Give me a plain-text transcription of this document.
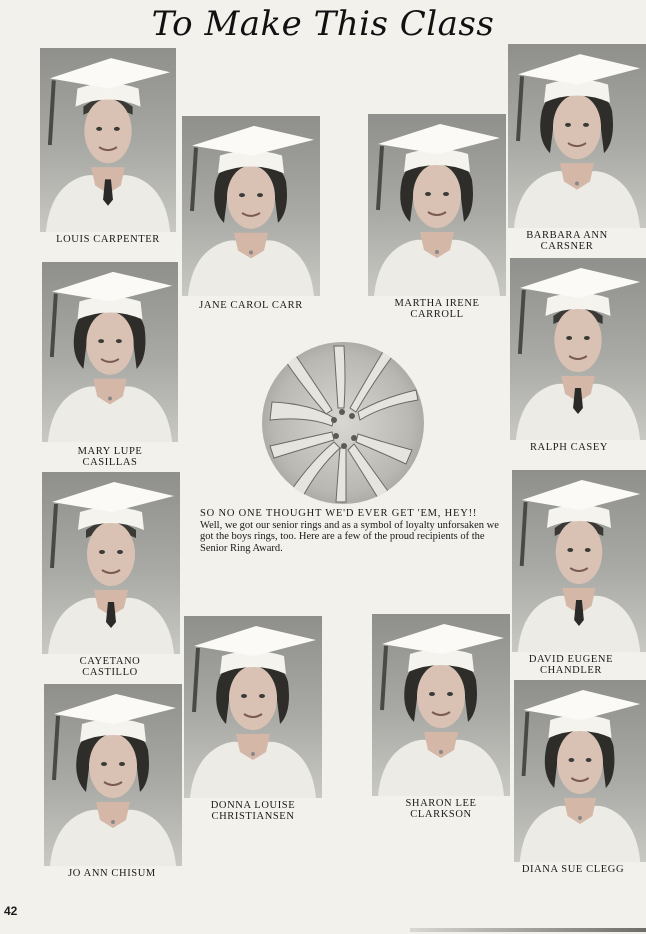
To Make This Class
LOUIS CARPENTER
JANE CAROL CARR	MARTHA IRENE
CARROLL
BARBARA ANN
CARSNER
MARY LUPE
CASILLAS
RALPH CASEY
CAYETANO
CASTILLO
DAVID EUGENE
CHANDLER
JO ANN CHISUM
DONNA LOUISE
CHRISTIANSEN
SHARON LEE
CLARKSON
DIANA SUE CLEGG
SO NO ONE THOUGHT WE'D EVER GET 'EM, HEY!!
Well, we got our senior rings and as a symbol of loyalty unforsaken we got the boys rings, too. Here are a few of the proud recipients of the Senior Ring Award.
42
